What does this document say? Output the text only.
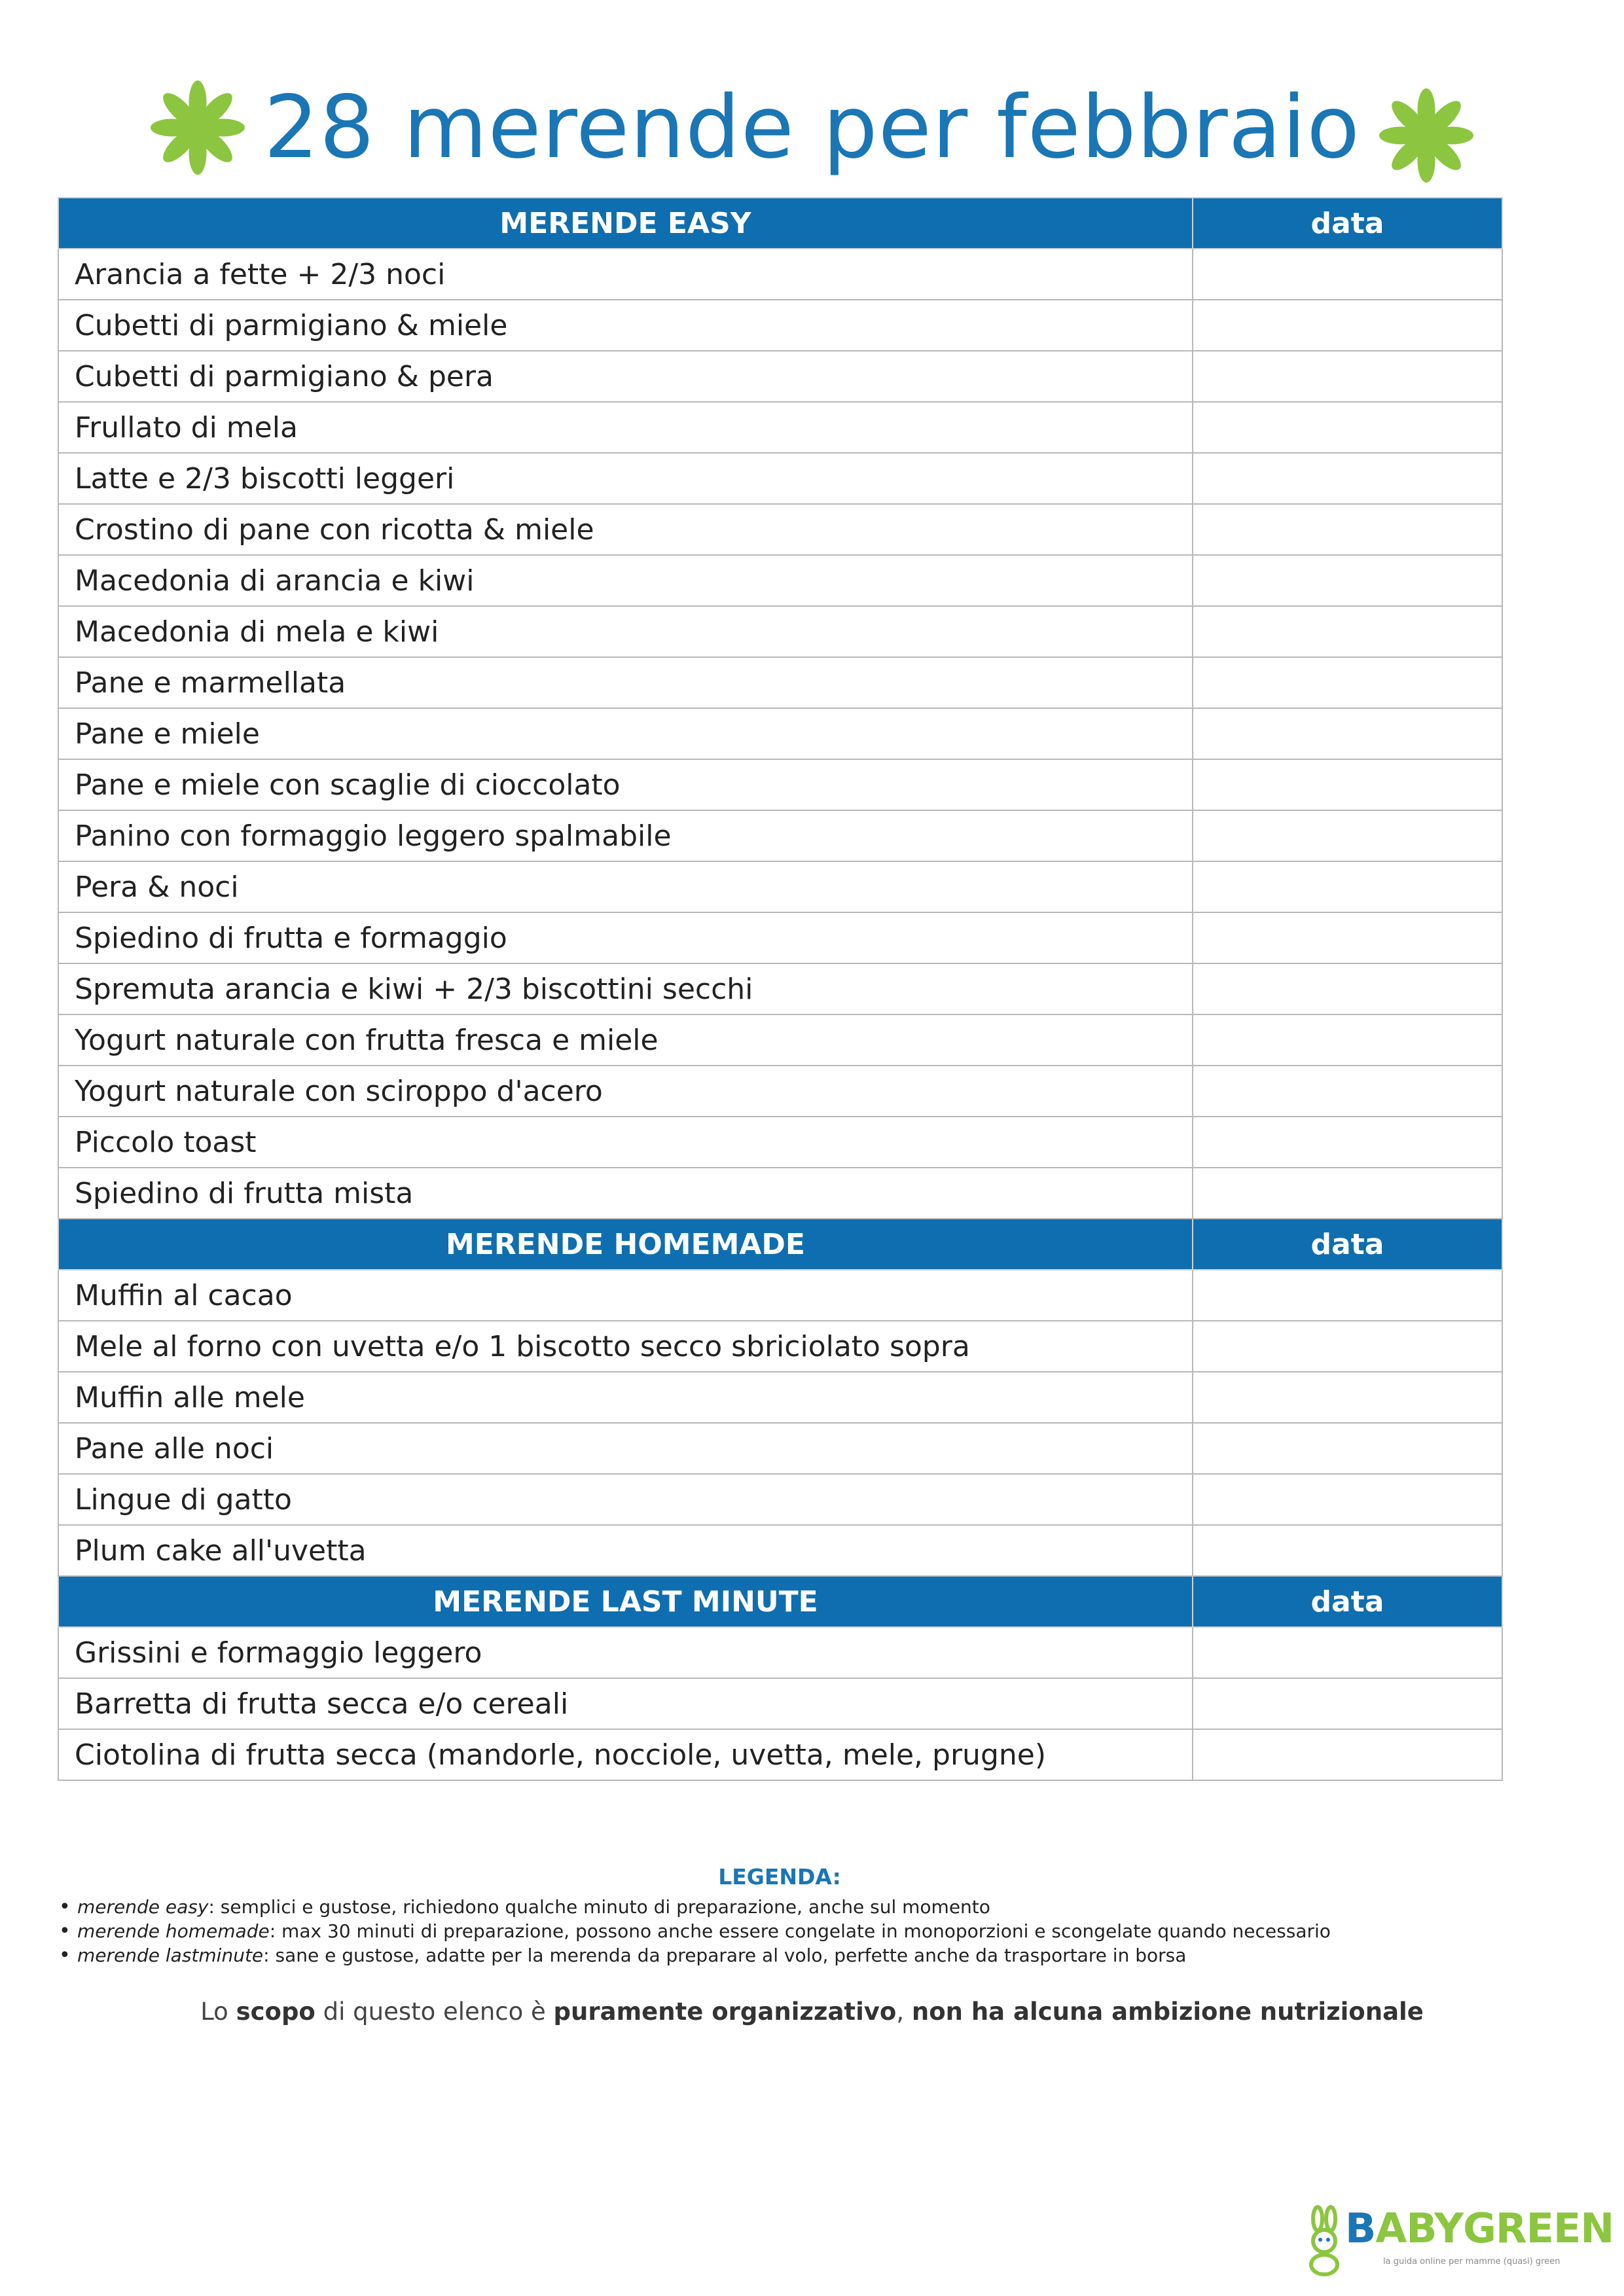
28 merende per febbraio
MERENDE EASY	data
Arancia a fette + 2/3 noci	
Cubetti di parmigiano & miele	
Cubetti di parmigiano & pera	
Frullato di mela	
Latte e 2/3 biscotti leggeri	
Crostino di pane con ricotta & miele	
Macedonia di arancia e kiwi	
Macedonia di mela e kiwi	
Pane e marmellata	
Pane e miele	
Pane e miele con scaglie di cioccolato	
Panino con formaggio leggero spalmabile	
Pera & noci	
Spiedino di frutta e formaggio	
Spremuta arancia e kiwi + 2/3 biscottini secchi	
Yogurt naturale con frutta fresca e miele	
Yogurt naturale con sciroppo d'acero	
Piccolo toast	
Spiedino di frutta mista	
MERENDE HOMEMADE	data
Muffin al cacao	
Mele al forno con uvetta e/o 1 biscotto secco sbriciolato sopra	
Muffin alle mele	
Pane alle noci	
Lingue di gatto	
Plum cake all'uvetta	
MERENDE LAST MINUTE	data
Grissini e formaggio leggero	
Barretta di frutta secca e/o cereali	
Ciotolina di frutta secca (mandorle, nocciole, uvetta, mele, prugne)	
LEGENDA:
• merende easy: semplici e gustose, richiedono qualche minuto di preparazione, anche sul momento
• merende homemade: max 30 minuti di preparazione, possono anche essere congelate in monoporzioni e scongelate quando necessario
• merende lastminute: sane e gustose, adatte per la merenda da preparare al volo, perfette anche da trasportare in borsa
Lo scopo di questo elenco è puramente organizzativo, non ha alcuna ambizione nutrizionale
BABYGREEN
la guida online per mamme (quasi) green
